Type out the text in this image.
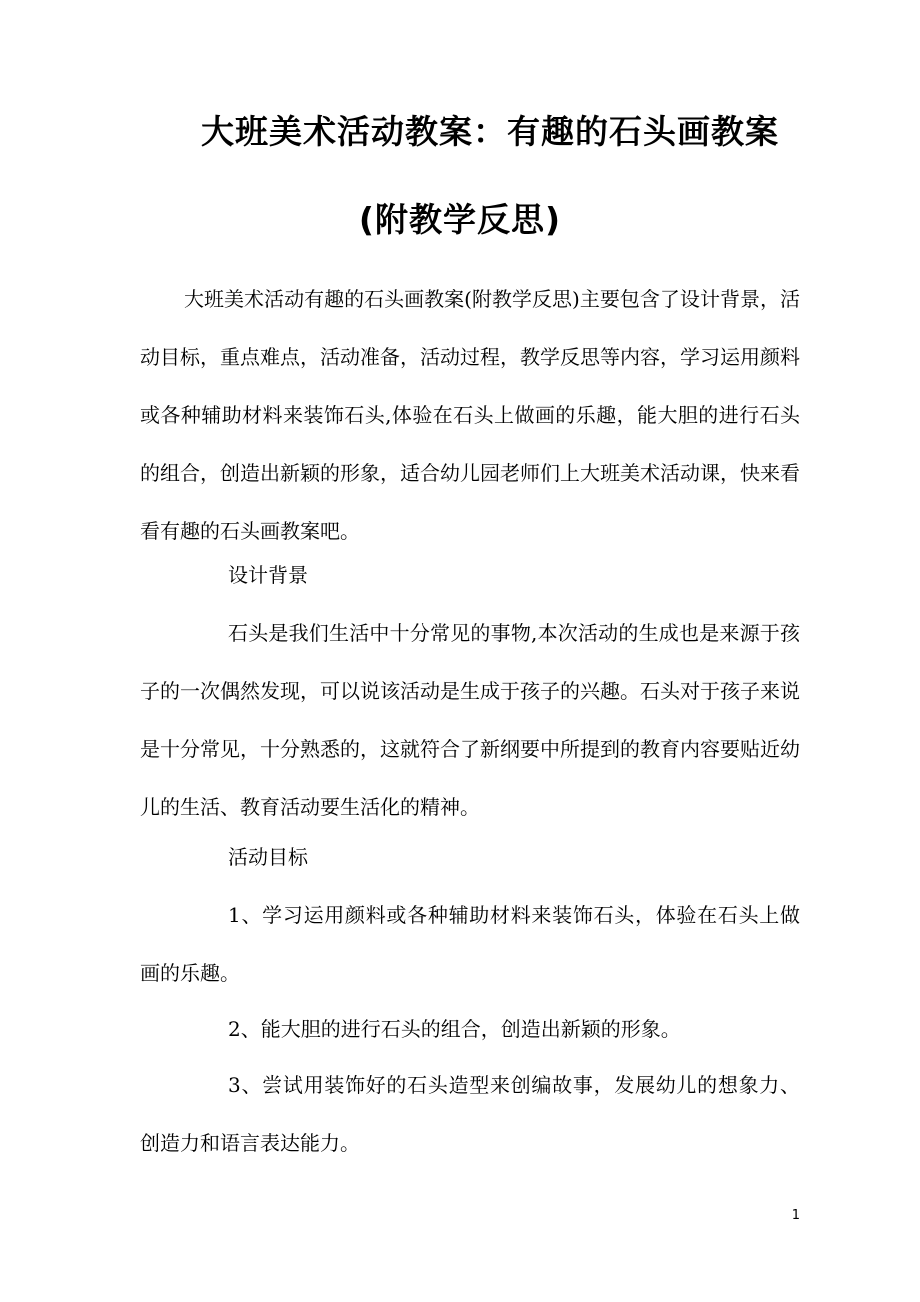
大班美术活动教案：有趣的石头画教案
(附教学反思)

大班美术活动有趣的石头画教案(附教学反思)主要包含了设计背景，活动目标，重点难点，活动准备，活动过程，教学反思等内容，学习运用颜料或各种辅助材料来装饰石头,体验在石头上做画的乐趣，能大胆的进行石头的组合，创造出新颖的形象，适合幼儿园老师们上大班美术活动课，快来看看有趣的石头画教案吧。

设计背景

石头是我们生活中十分常见的事物,本次活动的生成也是来源于孩子的一次偶然发现，可以说该活动是生成于孩子的兴趣。石头对于孩子来说是十分常见，十分熟悉的，这就符合了新纲要中所提到的教育内容要贴近幼儿的生活、教育活动要生活化的精神。

活动目标

1、学习运用颜料或各种辅助材料来装饰石头，体验在石头上做画的乐趣。

2、能大胆的进行石头的组合，创造出新颖的形象。

3、尝试用装饰好的石头造型来创编故事，发展幼儿的想象力、创造力和语言表达能力。

1
